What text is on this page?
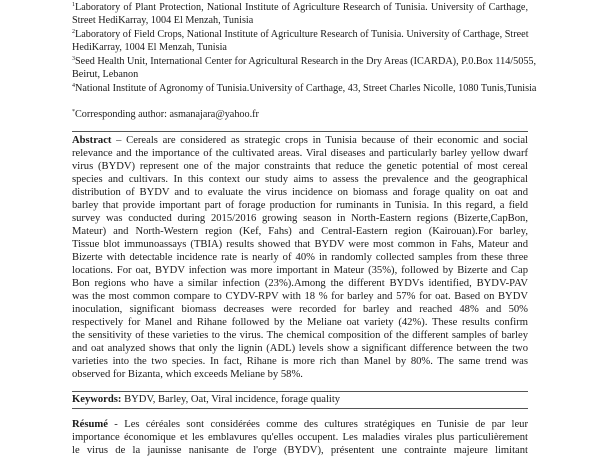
$^1$Laboratory of Plant Protection, National Institute of Agriculture Research of Tunisia. University of Carthage,
Street HediKarray, 1004 El Menzah, Tunisia
$^2$Laboratory of Field Crops, National Institute of Agriculture Research of Tunisia. University of Carthage, Street
HediKarray, 1004 El Menzah, Tunisia
$^3$Seed Health Unit, International Center for Agricultural Research in the Dry Areas (ICARDA), P.0.Box 114/5055,
Beirut, Lebanon
$^4$National Institute of Agronomy of Tunisia.University of Carthage, 43, Street Charles Nicolle, 1080 Tunis,Tunisia
*Corresponding author: asmanajara@yahoo.fr
Abstract – Cereals are considered as strategic crops in Tunisia because of their economic and social
relevance and the importance of the cultivated areas. Viral diseases and particularly barley yellow dwarf
virus (BYDV) represent one of the major constraints that reduce the genetic potential of most cereal
species and cultivars. In this context our study aims to assess the prevalence and the geographical
distribution of BYDV and to evaluate the virus incidence on biomass and forage quality on oat and
barley that provide important part of forage production for ruminants in Tunisia. In this regard, a field
survey was conducted during 2015/2016 growing season in North-Eastern regions (Bizerte,CapBon,
Mateur) and North-Western region (Kef, Fahs) and Central-Eastern region (Kairouan).For barley,
Tissue blot immunoassays (TBIA) results showed that BYDV were most common in Fahs, Mateur and
Bizerte with detectable incidence rate is nearly of 40% in randomly collected samples from these three
locations. For oat, BYDV infection was more important in Mateur (35%), followed by Bizerte and Cap
Bon regions who have a similar infection (23%).Among the different BYDVs identified, BYDV-PAV
was the most common compare to CYDV-RPV with 18 % for barley and 57% for oat. Based on BYDV
inoculation, significant biomass decreases were recorded for barley and reached 48% and 50%
respectively for Manel and Rihane followed by the Meliane oat variety (42%). These results confirm
the sensitivity of these varieties to the virus. The chemical composition of the different samples of barley
and oat analyzed shows that only the lignin (ADL) levels show a significant difference between the two
varieties into the two species. In fact, Rihane is more rich than Manel by 80%. The same trend was
observed for Bizanta, which exceeds Meliane by 58%.
Keywords: BYDV, Barley, Oat, Viral incidence, forage quality
Résumé - Les céréales sont considérées comme des cultures stratégiques en Tunisie de par leur
importance économique et les emblavures qu'elles occupent. Les maladies virales plus particulièrement
le virus de la jaunisse nanisante de l'orge (BYDV), présentent une contrainte majeure limitant
